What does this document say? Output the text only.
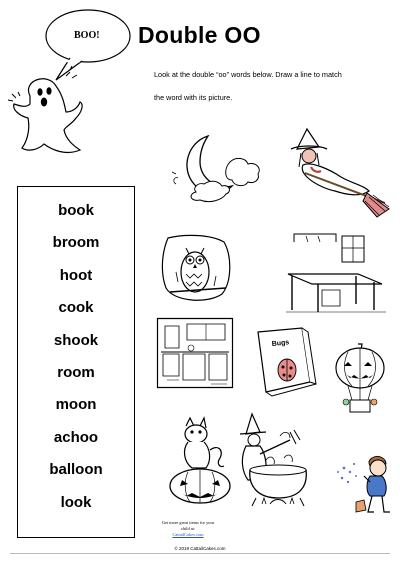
BOO! Double OO
Look at the double “oo” words below. Draw a line to match
the word with its picture.
book
broom
hoot
cook
shook
room
moon
achoo
balloon
look
Bugs
Get more great items for your child at:
CattailCakes.com
© 2019 CattailCakes.com
